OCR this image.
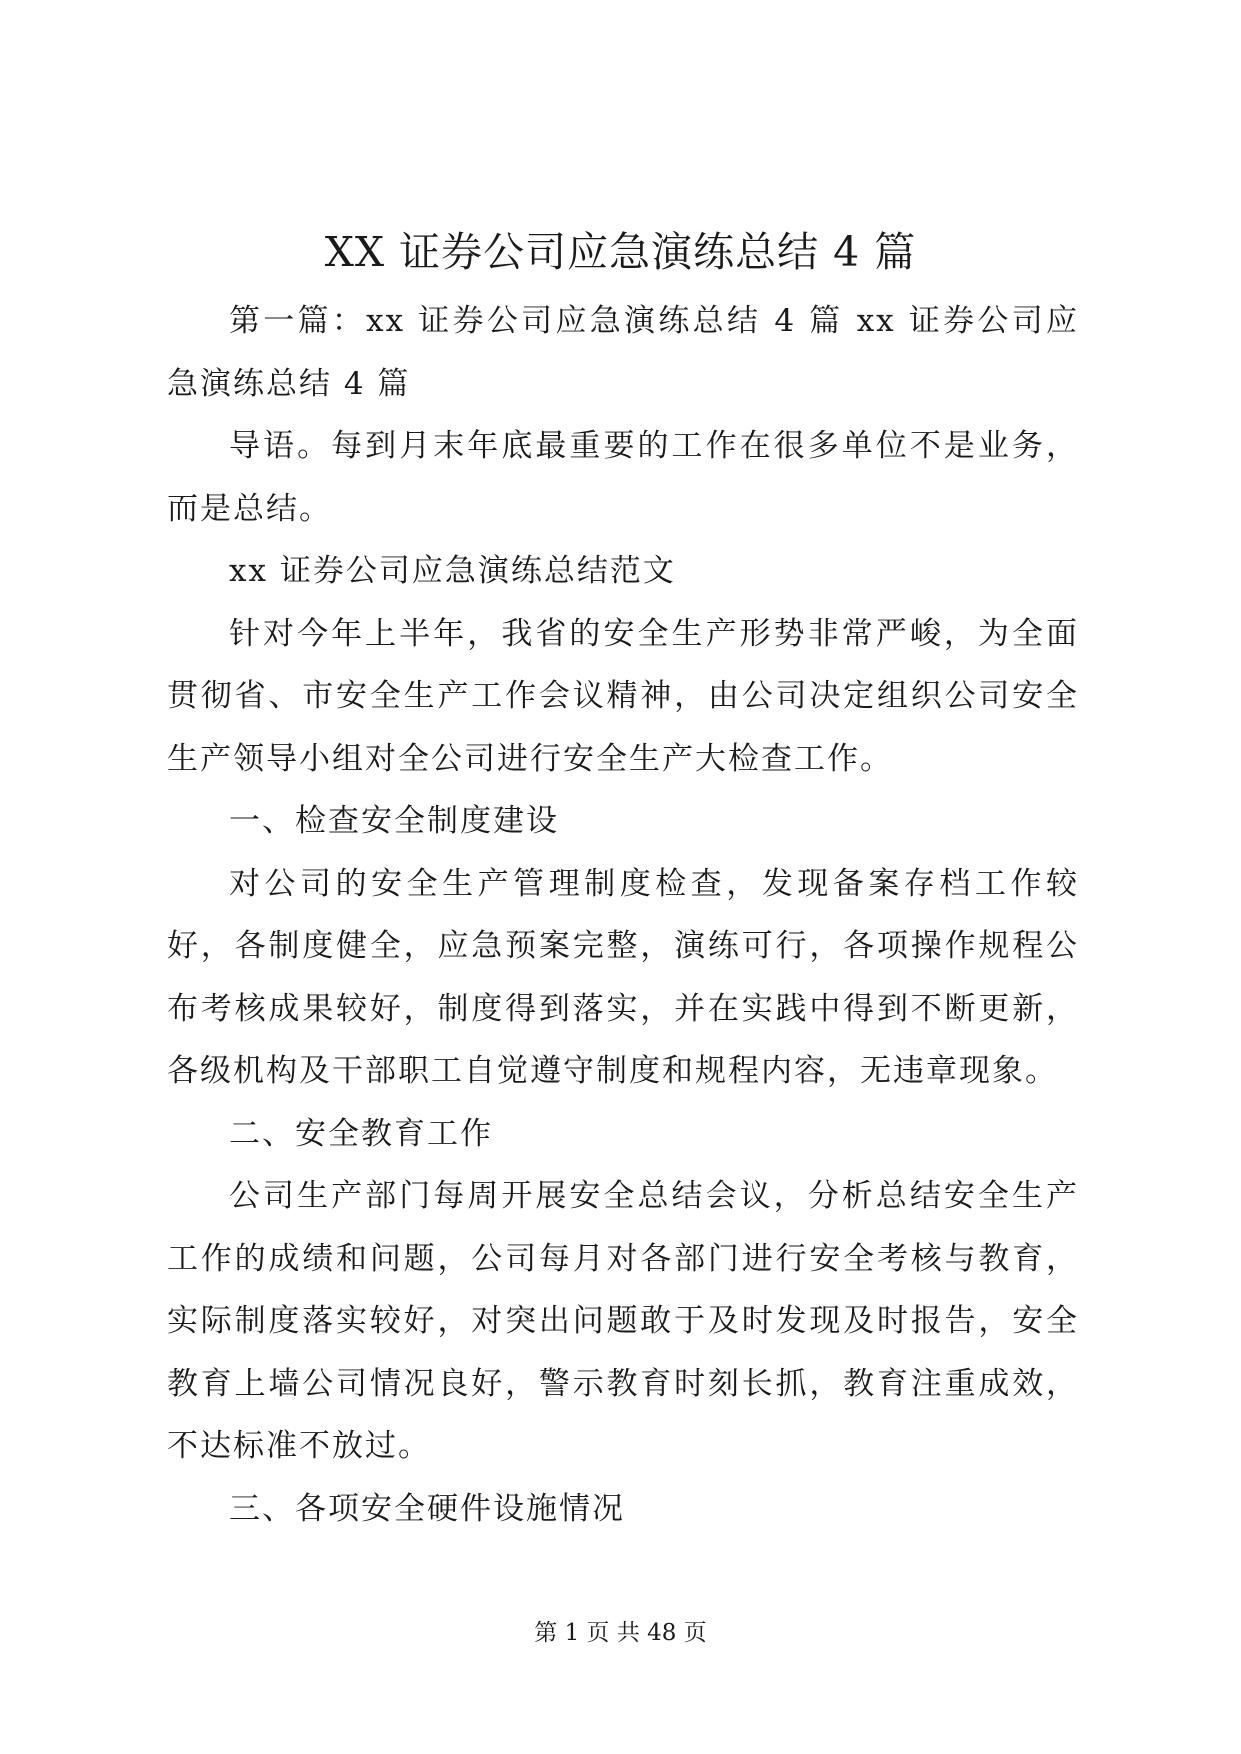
XX 证券公司应急演练总结 4 篇

第一篇：xx 证券公司应急演练总结 4 篇 xx 证券公司应急演练总结 4 篇

导语。每到月末年底最重要的工作在很多单位不是业务，而是总结。

xx 证券公司应急演练总结范文

针对今年上半年，我省的安全生产形势非常严峻，为全面贯彻省、市安全生产工作会议精神，由公司决定组织公司安全生产领导小组对全公司进行安全生产大检查工作。

一、检查安全制度建设

对公司的安全生产管理制度检查，发现备案存档工作较好，各制度健全，应急预案完整，演练可行，各项操作规程公布考核成果较好，制度得到落实，并在实践中得到不断更新，各级机构及干部职工自觉遵守制度和规程内容，无违章现象。

二、安全教育工作

公司生产部门每周开展安全总结会议，分析总结安全生产工作的成绩和问题，公司每月对各部门进行安全考核与教育，实际制度落实较好，对突出问题敢于及时发现及时报告，安全教育上墙公司情况良好，警示教育时刻长抓，教育注重成效，不达标准不放过。

三、各项安全硬件设施情况

第 1 页 共 48 页
